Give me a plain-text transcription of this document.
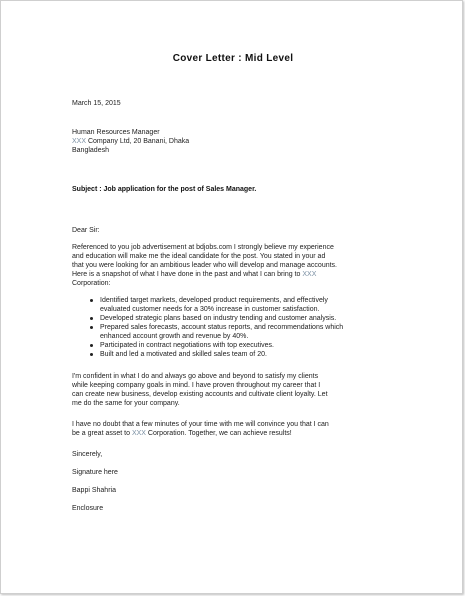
Cover Letter : Mid Level
March 15, 2015
Human Resources Manager
XXX Company Ltd, 20 Banani, Dhaka
Bangladesh
Subject : Job application for the post of Sales Manager.
Dear Sir:
Referenced to you job advertisement at bdjobs.com I strongly believe my experience
and education will make me the ideal candidate for the post. You stated in your ad
that you were looking for an ambitious leader who will develop and manage accounts.
Here is a snapshot of what I have done in the past and what I can bring to XXX
Corporation:
Identified target markets, developed product requirements, and effectively
evaluated customer needs for a 30% increase in customer satisfaction.
Developed strategic plans based on industry tending and customer analysis.
Prepared sales forecasts, account status reports, and recommendations which
enhanced account growth and revenue by 40%.
Participated in contract negotiations with top executives.
Built and led a motivated and skilled sales team of 20.
I'm confident in what I do and always go above and beyond to satisfy my clients
while keeping company goals in mind. I have proven throughout my career that I
can create new business, develop existing accounts and cultivate client loyalty. Let
me do the same for your company.
I have no doubt that a few minutes of your time with me will convince you that I can
be a great asset to XXX Corporation. Together, we can achieve results!
Sincerely,
Signature here
Bappi Shahria
Enclosure
